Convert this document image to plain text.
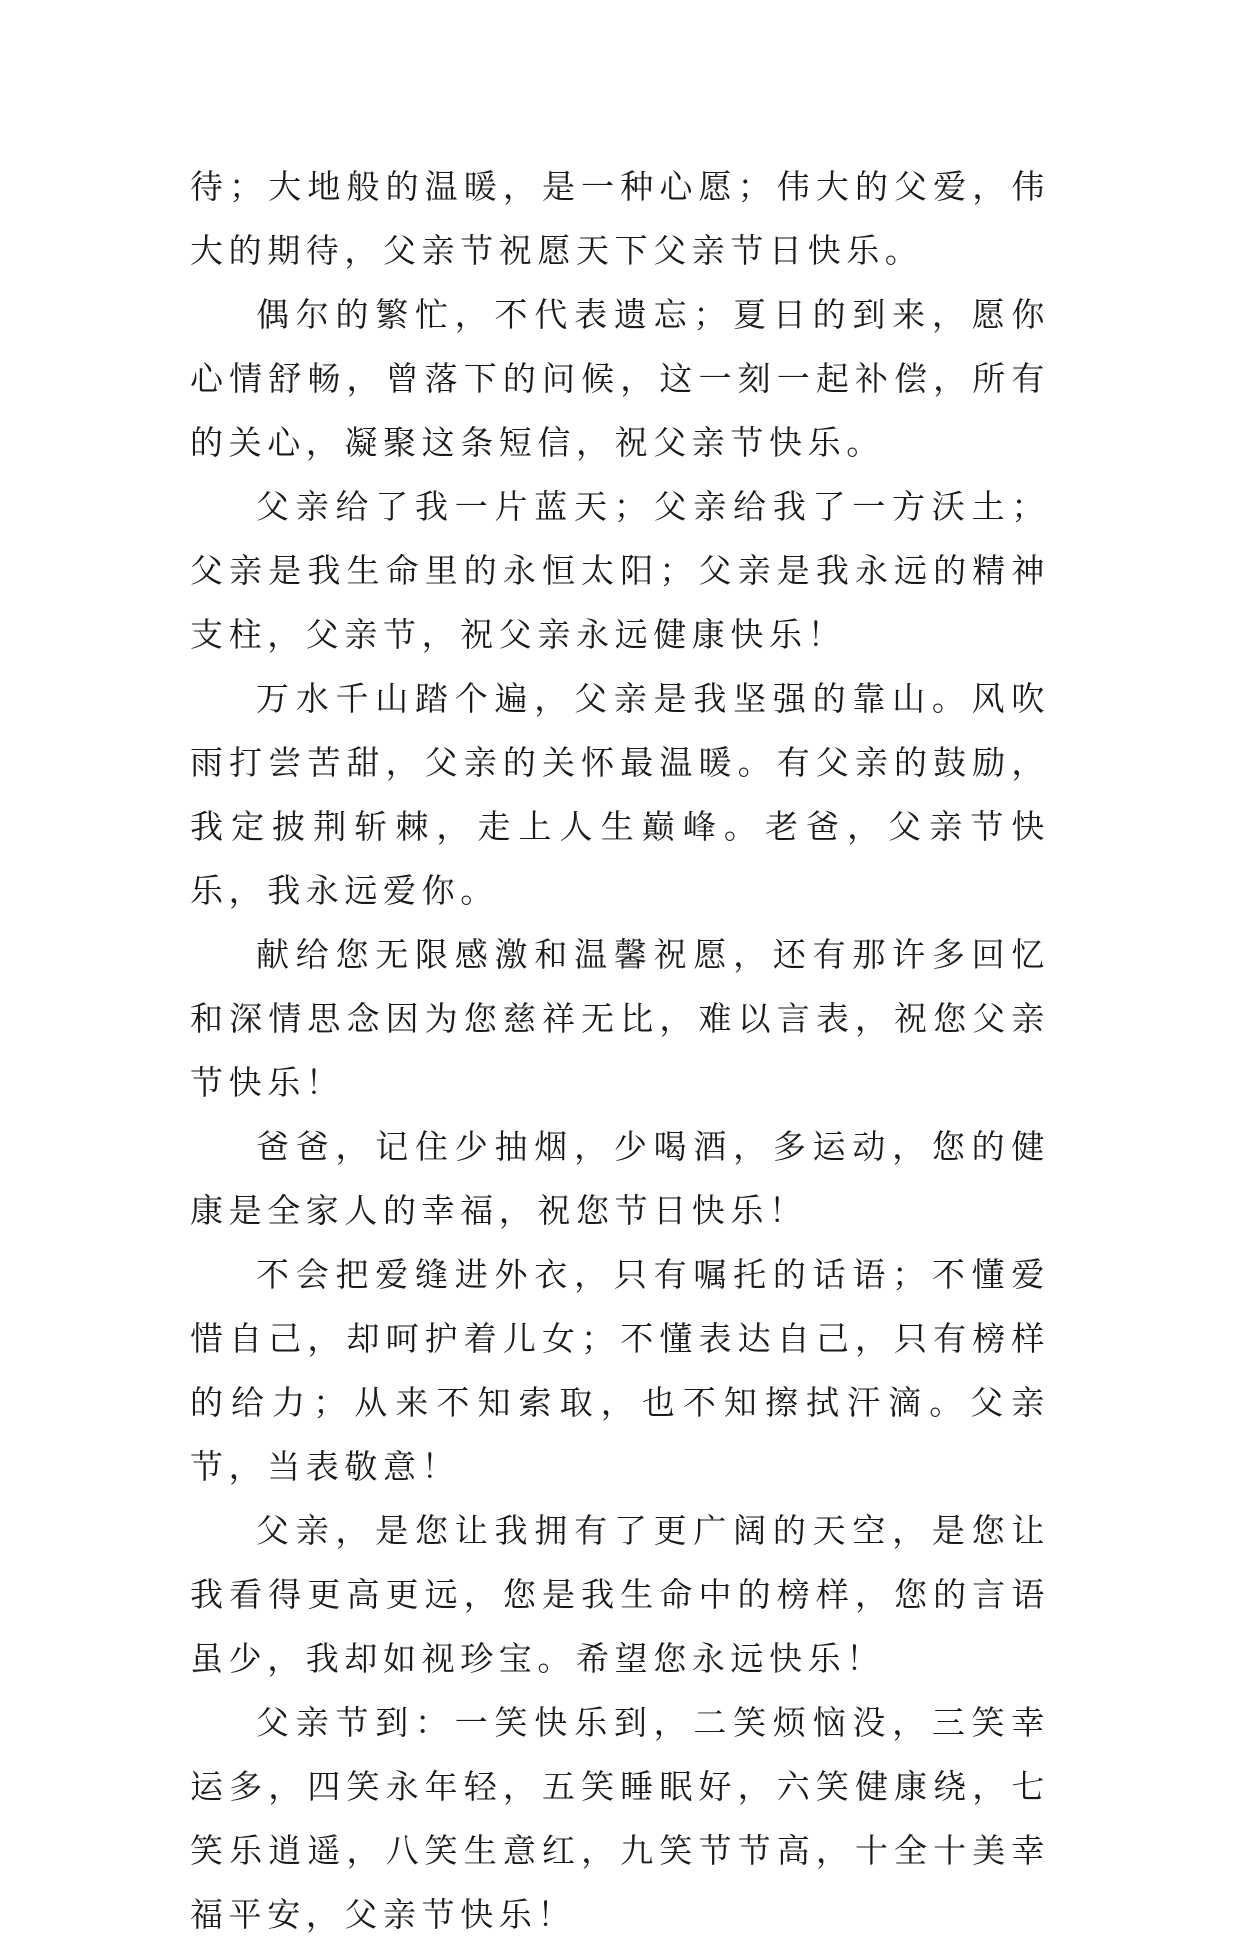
待；大地般的温暖，是一种心愿；伟大的父爱，伟大的期待，父亲节祝愿天下父亲节日快乐。

偶尔的繁忙，不代表遗忘；夏日的到来，愿你心情舒畅，曾落下的问候，这一刻一起补偿，所有的关心，凝聚这条短信，祝父亲节快乐。

父亲给了我一片蓝天；父亲给我了一方沃土；父亲是我生命里的永恒太阳；父亲是我永远的精神支柱，父亲节，祝父亲永远健康快乐！

万水千山踏个遍，父亲是我坚强的靠山。风吹雨打尝苦甜，父亲的关怀最温暖。有父亲的鼓励，我定披荆斩棘，走上人生巅峰。老爸，父亲节快乐，我永远爱你。

献给您无限感激和温馨祝愿，还有那许多回忆和深情思念因为您慈祥无比，难以言表，祝您父亲节快乐！

爸爸，记住少抽烟，少喝酒，多运动，您的健康是全家人的幸福，祝您节日快乐！

不会把爱缝进外衣，只有嘱托的话语；不懂爱惜自己，却呵护着儿女；不懂表达自己，只有榜样的给力；从来不知索取，也不知擦拭汗滴。父亲节，当表敬意！

父亲，是您让我拥有了更广阔的天空，是您让我看得更高更远，您是我生命中的榜样，您的言语虽少，我却如视珍宝。希望您永远快乐！

父亲节到：一笑快乐到，二笑烦恼没，三笑幸运多，四笑永年轻，五笑睡眠好，六笑健康绕，七笑乐逍遥，八笑生意红，九笑节节高，十全十美幸福平安，父亲节快乐！
